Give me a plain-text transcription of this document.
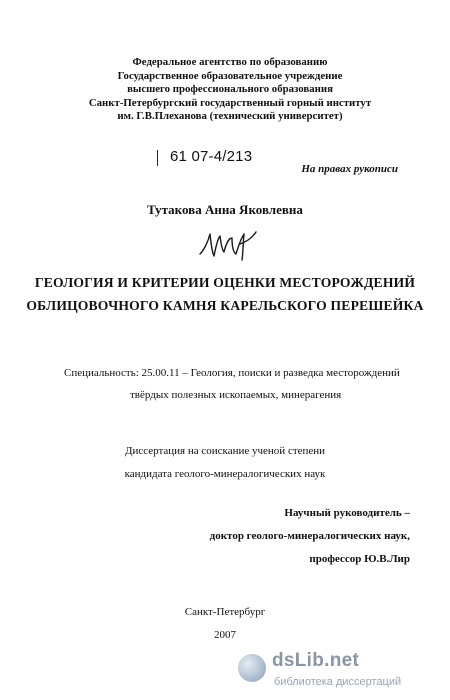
Федеральное агентство по образованию
Государственное образовательное учреждение
высшего профессионального образования
Санкт-Петербургский государственный горный институт
им. Г.В.Плеханова (технический университет)
61 07-4/213
На правах рукописи
Тутакова Анна Яковлевна
ГЕОЛОГИЯ И КРИТЕРИИ ОЦЕНКИ МЕСТОРОЖДЕНИЙ
ОБЛИЦОВОЧНОГО КАМНЯ КАРЕЛЬСКОГО ПЕРЕШЕЙКА
Специальность: 25.00.11 – Геология, поиски и разведка месторождений
твёрдых полезных ископаемых, минерагения
Диссертация на соискание ученой степени
кандидата геолого-минералогических наук
Научный руководитель –
доктор геолого-минералогических наук,
профессор Ю.В.Лир
Санкт-Петербург
2007
dsLib.net
библиотека диссертаций
